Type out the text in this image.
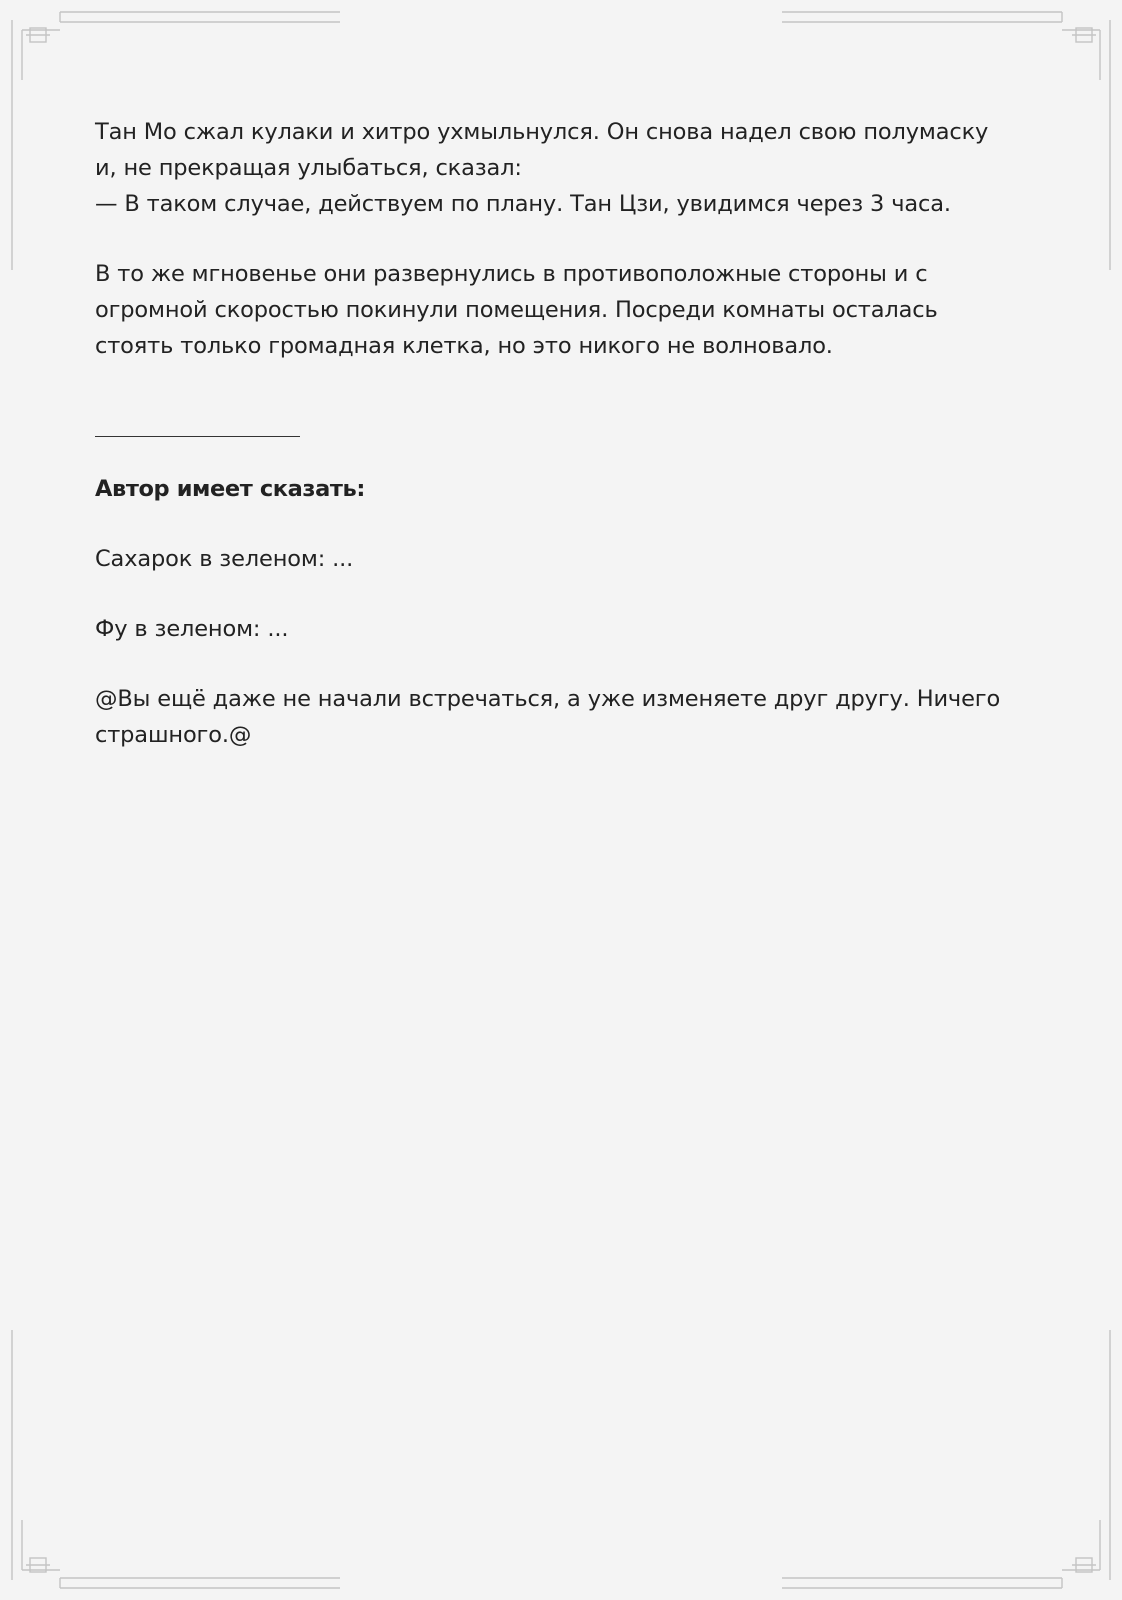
Тан Мо сжал кулаки и хитро ухмыльнулся. Он снова надел свою полумаску
и, не прекращая улыбаться, сказал:
— В таком случае, действуем по плану. Тан Цзи, увидимся через 3 часа.

В то же мгновенье они развернулись в противоположные стороны и с
огромной скоростью покинули помещения. Посреди комнаты осталась
стоять только громадная клетка, но это никого не волновало.

Автор имеет сказать:

Сахарок в зеленом: ...

Фу в зеленом: ...

@Вы ещё даже не начали встречаться, а уже изменяете друг другу. Ничего
страшного.@
